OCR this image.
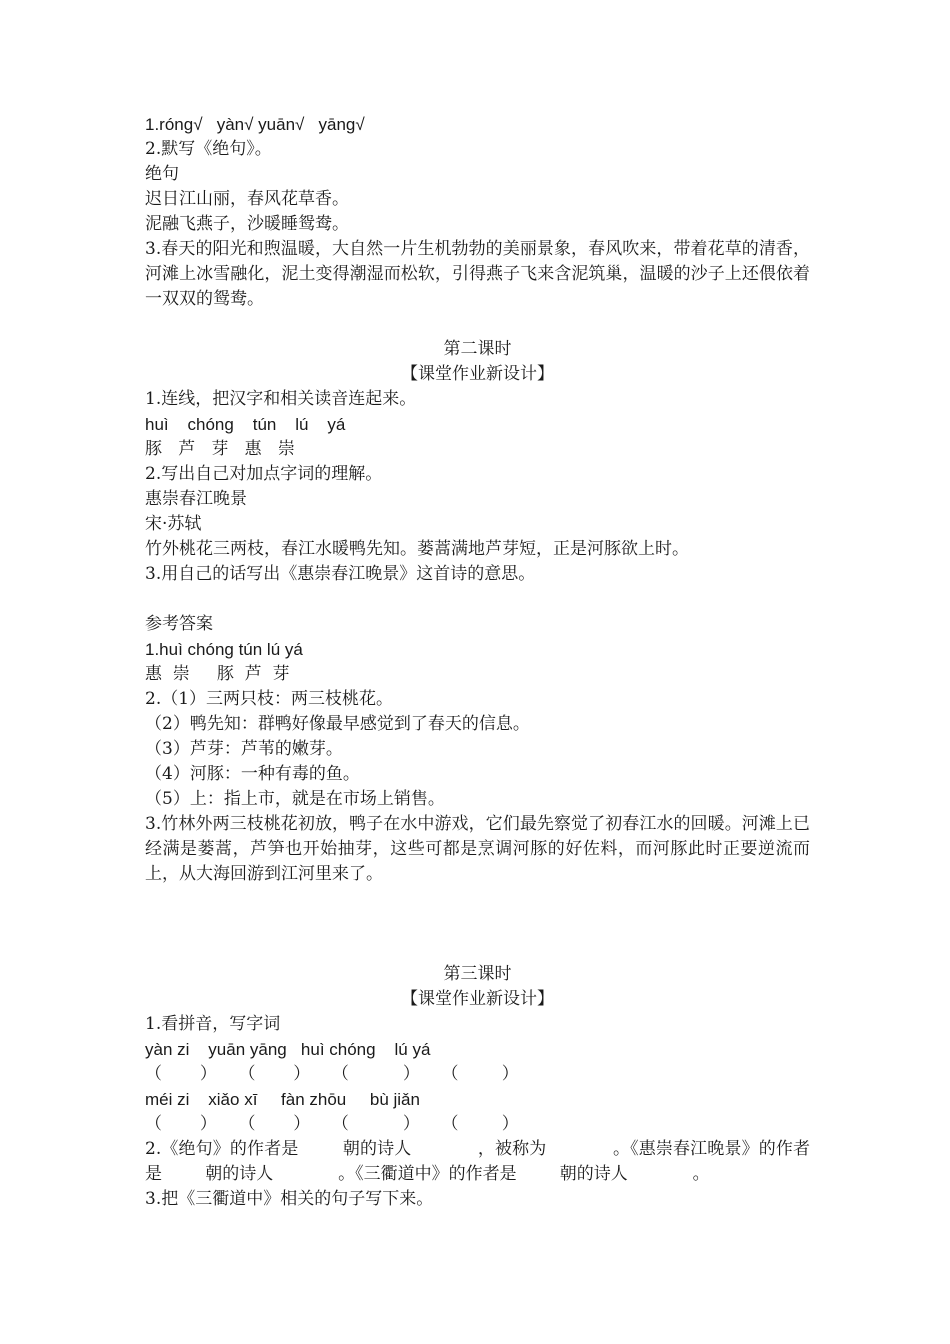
1.róng√   yàn√ yuān√   yāng√
2.默写《绝句》。
绝句
迟日江山丽，春风花草香。
泥融飞燕子，沙暖睡鸳鸯。
3.春天的阳光和煦温暖，大自然一片生机勃勃的美丽景象，春风吹来，带着花草的清香，河滩上冰雪融化，泥土变得潮湿而松软，引得燕子飞来含泥筑巢，温暖的沙子上还偎依着一双双的鸳鸯。
第二课时
【课堂作业新设计】
1.连线，把汉字和相关读音连起来。
huì    chóng    tún    lú    yá
豚   芦   芽   惠   崇
2.写出自己对加点字词的理解。
惠崇春江晚景
宋·苏轼
竹外桃花三两枝，春江水暖鸭先知。蒌蒿满地芦芽短，正是河豚欲上时。
3.用自己的话写出《惠崇春江晚景》这首诗的意思。
参考答案
1.huì chóng tún lú yá
惠  崇     豚  芦  芽
2.（1）三两只枝：两三枝桃花。
（2）鸭先知：群鸭好像最早感觉到了春天的信息。
（3）芦芽：芦苇的嫩芽。
（4）河豚：一种有毒的鱼。
（5）上：指上市，就是在市场上销售。
3.竹林外两三枝桃花初放，鸭子在水中游戏，它们最先察觉了初春江水的回暖。河滩上已经满是蒌蒿，芦笋也开始抽芽，这些可都是烹调河豚的好佐料，而河豚此时正要逆流而上，从大海回游到江河里来了。
第三课时
【课堂作业新设计】
1.看拼音，写字词
yàn zi    yuān yāng   huì chóng    lú yá
（       ）    （       ）    （          ）    （        ）
méi zi    xiǎo xī     fàn zhōu     bù jiǎn
（       ）    （       ）    （          ）    （        ）
2.《绝句》的作者是        朝的诗人            ，被称为            。《惠崇春江晚景》的作者是        朝的诗人            。《三衢道中》的作者是        朝的诗人            。
3.把《三衢道中》相关的句子写下来。
